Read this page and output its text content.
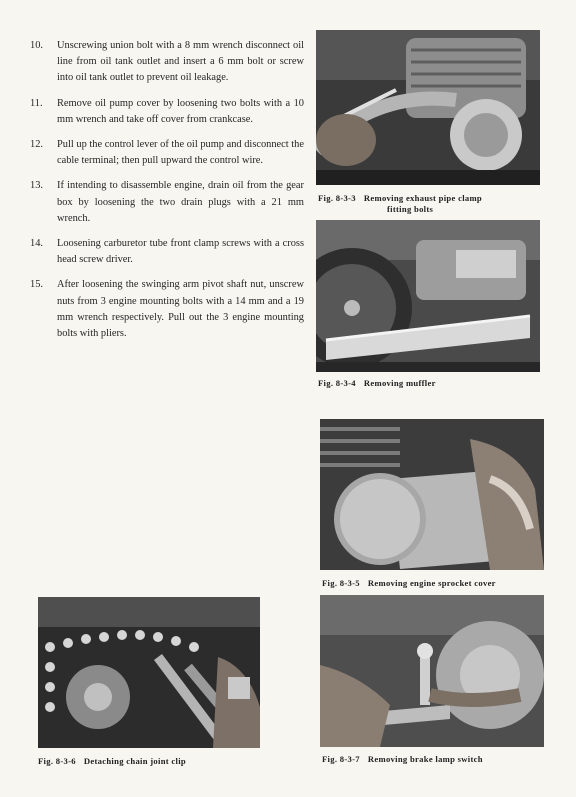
10.	Unscrewing union bolt with a 8 mm wrench disconnect oil line from oil tank outlet and insert a 6 mm bolt or screw into oil tank outlet to prevent oil leakage.
11.	Remove oil pump cover by loosening two bolts with a 10 mm wrench and take off cover from crankcase.
12.	Pull up the control lever of the oil pump and disconnect the cable terminal; then pull upward the control wire.
13.	If intending to disassemble engine, drain oil from the gear box by loosening the two drain plugs with a 21 mm wrench.
14.	Loosening carburetor tube front clamp screws with a cross head screw driver.
15.	After loosening the swinging arm pivot shaft nut, unscrew nuts from 3 engine mounting bolts with a 14 mm and a 19 mm wrench respectively. Pull out the 3 engine mounting bolts with pliers.
Fig. 8-3-3 Removing exhaust pipe clamp
fitting bolts
Fig. 8-3-4 Removing muffler
Fig. 8-3-5 Removing engine sprocket cover
Fig. 8-3-6 Detaching chain joint clip	Fig. 8-3-7 Removing brake lamp switch
